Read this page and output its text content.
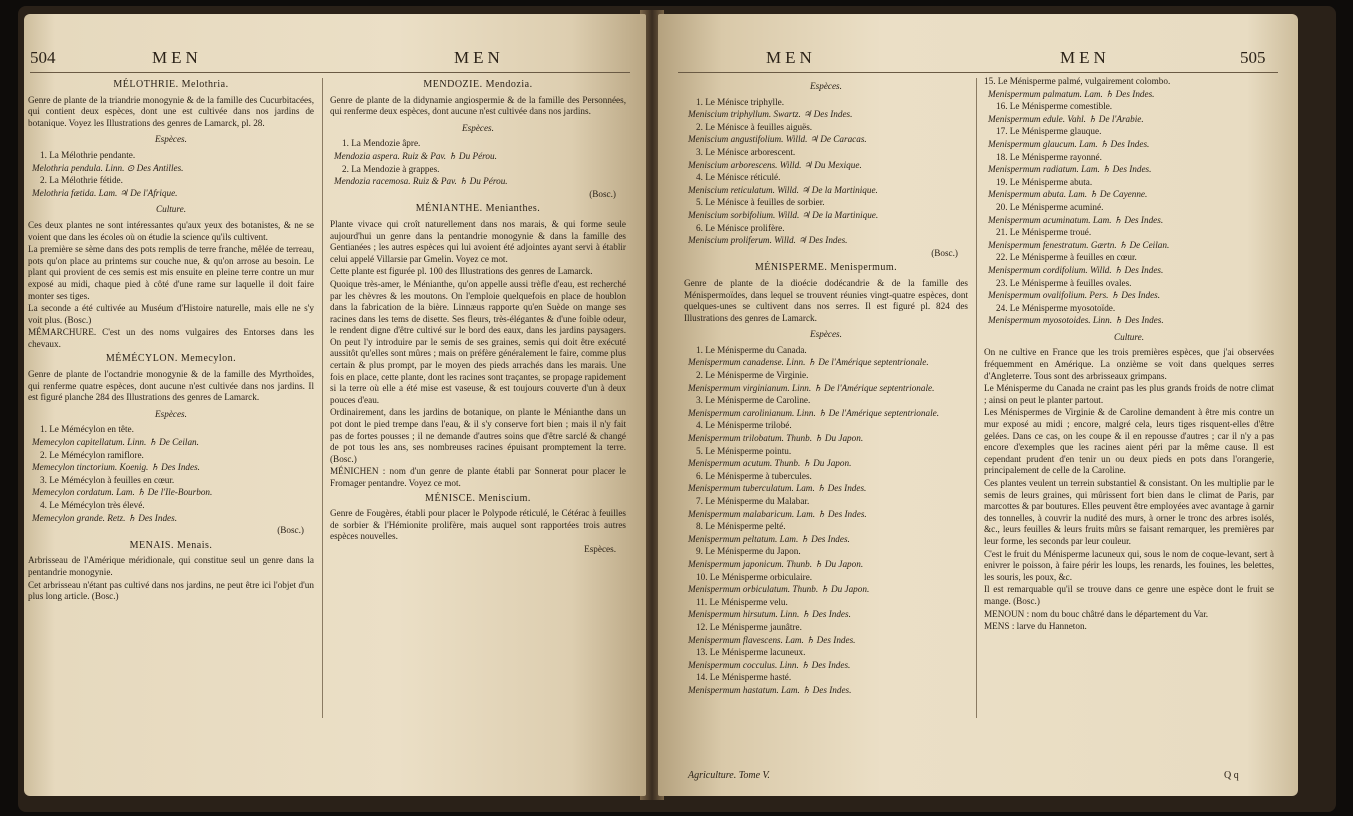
504	MEN	MEN

MÉLOTHRIE. Melothria.

Genre de plante de la triandrie monogynie & de la famille des Cucurbitacées, qui contient deux espèces, dont une est cultivée dans nos jardins de botanique. Voyez les Illustrations des genres de Lamarck, pl. 28.

Espèces.

1. La Mélothrie pendante.

Melothria pendula. Linn. ⊙ Des Antilles.

2. La Mélothrie fétide.

Melothria fætida. Lam. ♃ De l'Afrique.

Culture.

Ces deux plantes ne sont intéressantes qu'aux yeux des botanistes, & ne se voient que dans les écoles où on étudie la science qu'ils cultivent.

La première se sème dans des pots remplis de terre franche, mêlée de terreau, pots qu'on place au printems sur couche nue, & qu'on arrose au besoin. Le plant qui provient de ces semis est mis ensuite en pleine terre contre un mur exposé au midi, chaque pied à côté d'une rame sur laquelle il doit faire monter ses tiges.

La seconde a été cultivée au Muséum d'Histoire naturelle, mais elle ne s'y voit plus. (Bosc.)

MÉMARCHURE. C'est un des noms vulgaires des Entorses dans les chevaux.

MÉMÉCYLON. Memecylon.

Genre de plante de l'octandrie monogynie & de la famille des Myrthoïdes, qui renferme quatre espèces, dont aucune n'est cultivée dans nos jardins. Il est figuré planche 284 des Illustrations des genres de Lamarck.

Espèces.

1. Le Mémécylon en tête.

Memecylon capitellatum. Linn. ♄ De Ceilan.

2. Le Mémécylon ramiflore.

Memecylon tinctorium. Koenig. ♄ Des Indes.

3. Le Mémécylon à feuilles en cœur.

Memecylon cordatum. Lam. ♄ De l'Ile-Bourbon.

4. Le Mémécylon très élevé.

Memecylon grande. Retz. ♄ Des Indes.

(Bosc.)

MENAIS. Menais.

Arbrisseau de l'Amérique méridionale, qui constitue seul un genre dans la pentandrie monogynie.

Cet arbrisseau n'étant pas cultivé dans nos jardins, ne peut être ici l'objet d'un plus long article. (Bosc.)

MENDOZIE. Mendozia.

Genre de plante de la didynamie angiospermie & de la famille des Personnées, qui renferme deux espèces, dont aucune n'est cultivée dans nos jardins.

Espèces.

1. La Mendozie âpre.

Mendozia aspera. Ruiz & Pav. ♄ Du Pérou.

2. La Mendozie à grappes.

Mendozia racemosa. Ruiz & Pav. ♄ Du Pérou.

(Bosc.)

MÉNIANTHE. Menianthes.

Plante vivace qui croît naturellement dans nos marais, & qui forme seule aujourd'hui un genre dans la pentandrie monogynie & dans la famille des Gentianées ; les autres espèces qui lui avoient été adjointes ayant servi à établir celui appelé Villarsie par Gmelin. Voyez ce mot.

Cette plante est figurée pl. 100 des Illustrations des genres de Lamarck.

Quoique très-amer, le Ménianthe, qu'on appelle aussi trèfle d'eau, est recherché par les chèvres & les moutons. On l'emploie quelquefois en place de houblon dans la fabrication de la bière. Linnæus rapporte qu'en Suède on mange ses racines dans les tems de disette. Ses fleurs, très-élégantes & d'une foible odeur, le rendent digne d'être cultivé sur le bord des eaux, dans les jardins paysagers. On peut l'y introduire par le semis de ses graines, semis qui doit être exécuté aussitôt qu'elles sont mûres ; mais on préfère généralement le faire, comme plus certain & plus prompt, par le moyen des pieds arrachés dans les marais. Une fois en place, cette plante, dont les racines sont traçantes, se propage rapidement si la terre où elle a été mise est vaseuse, & est toujours couverte d'un à deux pouces d'eau.

Ordinairement, dans les jardins de botanique, on plante le Ménianthe dans un pot dont le pied trempe dans l'eau, & il s'y conserve fort bien ; mais il n'y fait pas de fortes pousses ; il ne demande d'autres soins que d'être sarclé & changé de pot tous les ans, ses nombreuses racines épuisant promptement la terre. (Bosc.)

MÉNICHEN : nom d'un genre de plante établi par Sonnerat pour placer le Fromager pentandre. Voyez ce mot.

MÉNISCE. Meniscium.

Genre de Fougères, établi pour placer le Polypode réticulé, le Cétérac à feuilles de sorbier & l'Hémionite prolifère, mais auquel sont rapportées trois autres espèces nouvelles.

Espèces.

MEN	MEN	505

Espèces.

1. Le Ménisce triphylle.

Meniscium triphyllum. Swartz. ♃ Des Indes.

2. Le Ménisce à feuilles aiguës.

Meniscium angustifolium. Willd. ♃ De Caracas.

3. Le Ménisce arborescent.

Meniscium arborescens. Willd. ♃ Du Mexique.

4. Le Ménisce réticulé.

Meniscium reticulatum. Willd. ♃ De la Martinique.

5. Le Ménisce à feuilles de sorbier.

Meniscium sorbifolium. Willd. ♃ De la Martinique.

6. Le Ménisce prolifère.

Meniscium proliferum. Willd. ♃ Des Indes.

(Bosc.)

MÉNISPERME. Menispermum.

Genre de plante de la dioécie dodécandrie & de la famille des Ménispermoïdes, dans lequel se trouvent réunies vingt-quatre espèces, dont quelques-unes se cultivent dans nos serres. Il est figuré pl. 824 des Illustrations des genres de Lamarck.

Espèces.

1. Le Ménisperme du Canada.

Menispermum canadense. Linn. ♄ De l'Amérique septentrionale.

2. Le Ménisperme de Virginie.

Menispermum virginianum. Linn. ♄ De l'Amérique septentrionale.

3. Le Ménisperme de Caroline.

Menispermum carolinianum. Linn. ♄ De l'Amérique septentrionale.

4. Le Ménisperme trilobé.

Menispermum trilobatum. Thunb. ♄ Du Japon.

5. Le Ménisperme pointu.

Menispermum acutum. Thunb. ♄ Du Japon.

6. Le Ménisperme à tubercules.

Menispermum tuberculatum. Lam. ♄ Des Indes.

7. Le Ménisperme du Malabar.

Menispermum malabaricum. Lam. ♄ Des Indes.

8. Le Ménisperme pelté.

Menispermum peltatum. Lam. ♄ Des Indes.

9. Le Ménisperme du Japon.

Menispermum japonicum. Thunb. ♄ Du Japon.

10. Le Ménisperme orbiculaire.

Menispermum orbiculatum. Thunb. ♄ Du Japon.

11. Le Ménisperme velu.

Menispermum hirsutum. Linn. ♄ Des Indes.

12. Le Ménisperme jaunâtre.

Menispermum flavescens. Lam. ♄ Des Indes.

13. Le Ménisperme lacuneux.

Menispermum cocculus. Linn. ♄ Des Indes.

14. Le Ménisperme hasté.

Menispermum hastatum. Lam. ♄ Des Indes.

15. Le Ménisperme palmé, vulgairement colombo.

Menispermum palmatum. Lam. ♄ Des Indes.

16. Le Ménisperme comestible.

Menispermum edule. Vahl. ♄ De l'Arabie.

17. Le Ménisperme glauque.

Menispermum glaucum. Lam. ♄ Des Indes.

18. Le Ménisperme rayonné.

Menispermum radiatum. Lam. ♄ Des Indes.

19. Le Ménisperme abuta.

Menispermum abuta. Lam. ♄ De Cayenne.

20. Le Ménisperme acuminé.

Menispermum acuminatum. Lam. ♄ Des Indes.

21. Le Ménisperme troué.

Menispermum fenestratum. Gærtn. ♄ De Ceilan.

22. Le Ménisperme à feuilles en cœur.

Menispermum cordifolium. Willd. ♄ Des Indes.

23. Le Ménisperme à feuilles ovales.

Menispermum ovalifolium. Pers. ♄ Des Indes.

24. Le Ménisperme myosotoïde.

Menispermum myosotoides. Linn. ♄ Des Indes.

Culture.

On ne cultive en France que les trois premières espèces, que j'ai observées fréquemment en Amérique. La onzième se voit dans quelques serres d'Angleterre. Tous sont des arbrisseaux grimpans.

Le Ménisperme du Canada ne craint pas les plus grands froids de notre climat ; ainsi on peut le planter partout.

Les Ménispermes de Virginie & de Caroline demandent à être mis contre un mur exposé au midi ; encore, malgré cela, leurs tiges risquent-elles d'être gelées. Dans ce cas, on les coupe & il en repousse d'autres ; car il n'y a pas encore d'exemples que les racines aient péri par la même cause. Il est cependant prudent d'en tenir un ou deux pieds en pots dans l'orangerie, principalement de celle de la Caroline.

Ces plantes veulent un terrein substantiel & consistant. On les multiplie par le semis de leurs graines, qui mûrissent fort bien dans le climat de Paris, par marcottes & par boutures. Elles peuvent être employées avec avantage à garnir des tonnelles, à couvrir la nudité des murs, à orner le tronc des arbres isolés, &c., leurs feuilles & leurs fruits mûrs se faisant remarquer, les premières par leur forme, les seconds par leur couleur.

C'est le fruit du Ménisperme lacuneux qui, sous le nom de coque-levant, sert à enivrer le poisson, à faire périr les loups, les renards, les fouines, les belettes, les souris, les poux, &c.

Il est remarquable qu'il se trouve dans ce genre une espèce dont le fruit se mange. (Bosc.)

MENOUN : nom du bouc châtré dans le département du Var.

MENS : larve du Hanneton.

Agriculture. Tome V.	Q q
